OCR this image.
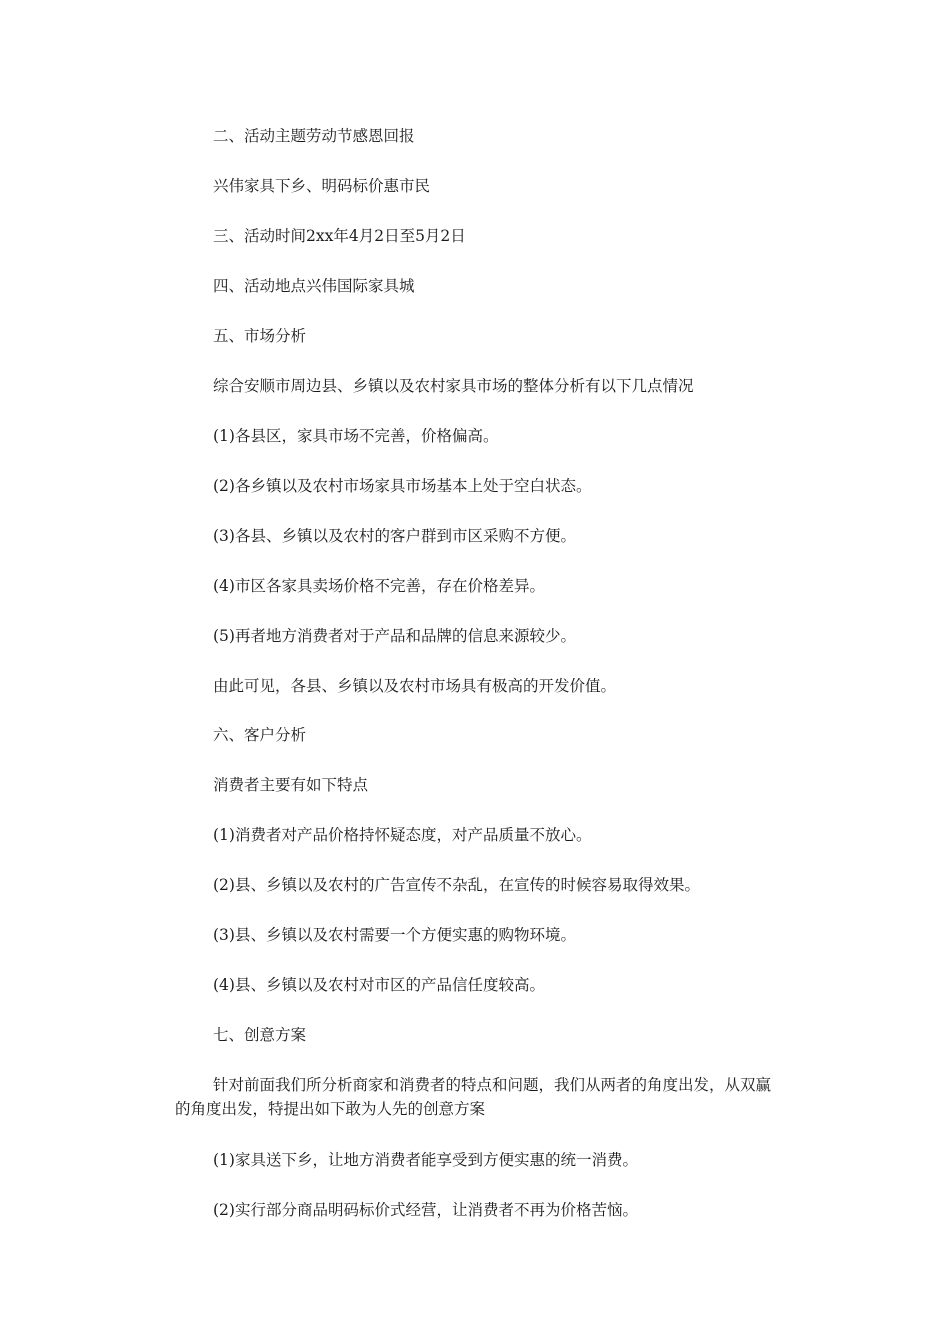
二、活动主题劳动节感恩回报

兴伟家具下乡、明码标价惠市民

三、活动时间2xx年4月2日至5月2日

四、活动地点兴伟国际家具城

五、市场分析

综合安顺市周边县、乡镇以及农村家具市场的整体分析有以下几点情况

(1)各县区，家具市场不完善，价格偏高。

(2)各乡镇以及农村市场家具市场基本上处于空白状态。

(3)各县、乡镇以及农村的客户群到市区采购不方便。

(4)市区各家具卖场价格不完善，存在价格差异。

(5)再者地方消费者对于产品和品牌的信息来源较少。

由此可见，各县、乡镇以及农村市场具有极高的开发价值。

六、客户分析

消费者主要有如下特点

(1)消费者对产品价格持怀疑态度，对产品质量不放心。

(2)县、乡镇以及农村的广告宣传不杂乱，在宣传的时候容易取得效果。

(3)县、乡镇以及农村需要一个方便实惠的购物环境。

(4)县、乡镇以及农村对市区的产品信任度较高。

七、创意方案

针对前面我们所分析商家和消费者的特点和问题，我们从两者的角度出发，从双赢的角度出发，特提出如下敢为人先的创意方案

(1)家具送下乡，让地方消费者能享受到方便实惠的统一消费。

(2)实行部分商品明码标价式经营，让消费者不再为价格苦恼。
